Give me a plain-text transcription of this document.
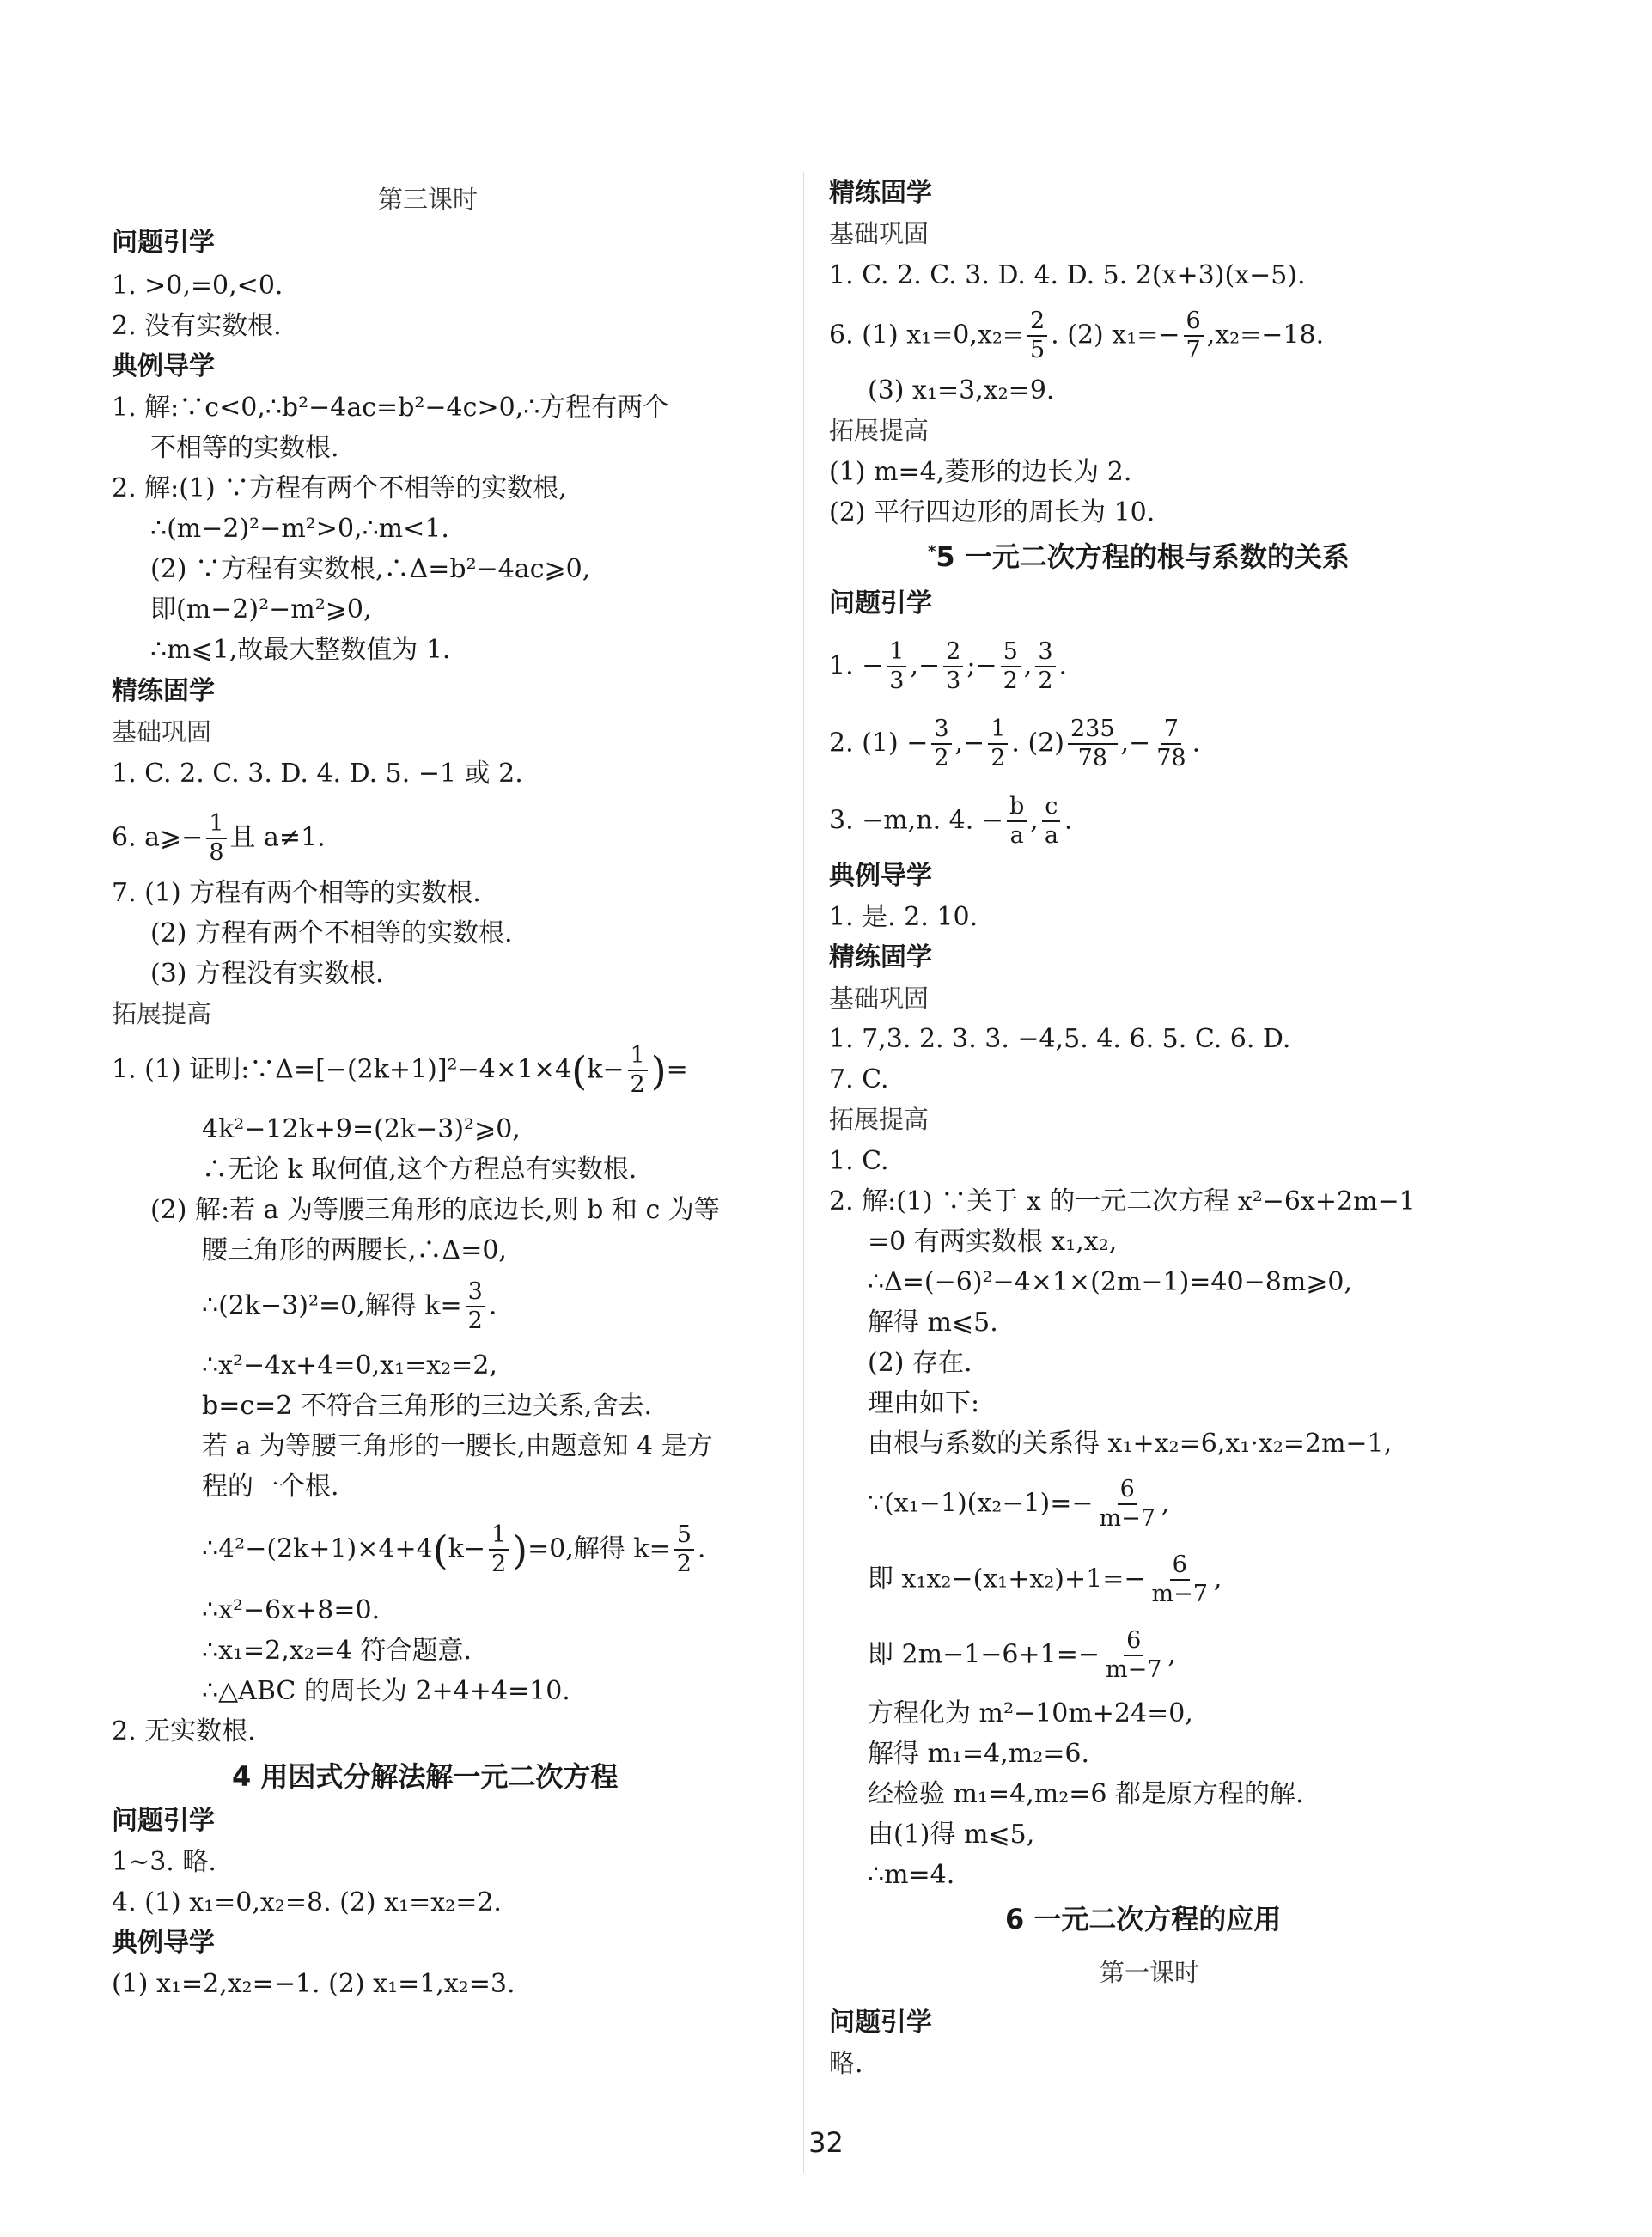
第三课时
问题引学
1. >0,=0,<0.
2. 没有实数根.
典例导学
1. 解:∵c<0,∴b²−4ac=b²−4c>0,∴方程有两个
不相等的实数根.
2. 解:(1) ∵方程有两个不相等的实数根,
∴(m−2)²−m²>0,∴m<1.
(2) ∵方程有实数根,∴Δ=b²−4ac⩾0,
即(m−2)²−m²⩾0,
∴m⩽1,故最大整数值为 1.
精练固学
基础巩固
1. C. 2. C. 3. D. 4. D. 5. −1 或 2.
6. a⩾− $\frac{1}{8}$ 且 a≠1.
7. (1) 方程有两个相等的实数根.
(2) 方程有两个不相等的实数根.
(3) 方程没有实数根.
拓展提高
1. (1) 证明:∵Δ=[−(2k+1)]²−4×1×4(k− $\frac{1}{2}$ )=
4k²−12k+9=(2k−3)²⩾0,
∴无论 k 取何值,这个方程总有实数根.
(2) 解:若 a 为等腰三角形的底边长,则 b 和 c 为等
腰三角形的两腰长,∴Δ=0,
∴(2k−3)²=0,解得 $k= \frac{3}{2}$ .
∴x²−4x+4=0,x₁=x₂=2,
b=c=2 不符合三角形的三边关系,舍去.
若 a 为等腰三角形的一腰长,由题意知 4 是方
程的一个根.
∴4²−(2k+1)×4+4(k− $\frac{1}{2} )=0$,解得 $k= \frac{5}{2}$ .
∴x²−6x+8=0.
∴x₁=2,x₂=4 符合题意.
∴△ABC 的周长为 2+4+4=10.
2. 无实数根.
4 用因式分解法解一元二次方程
问题引学
1~3. 略.
4. (1) x₁=0,x₂=8. (2) x₁=x₂=2.
典例导学
(1) x₁=2,x₂=−1. (2) x₁=1,x₂=3.
精练固学
基础巩固
1. C. 2. C. 3. D. 4. D. 5. 2(x+3)(x−5).
6. (1) $x_1=0,x_2= \frac{2}{5}$ . (2) $x_1=- \frac{6}{7} ,x_2=-18$.
(3) x₁=3,x₂=9.
拓展提高
(1) m=4,菱形的边长为 2.
(2) 平行四边形的周长为 10.
*5 一元二次方程的根与系数的关系
问题引学
1. − $\frac{1}{3}$ ,− $\frac{2}{3}$ ;− $\frac{5}{2}$ , $\frac{3}{2}$ .
2. $(1) - \frac{3}{2}$ ,− $\frac{1}{2}$ . $(2) \frac{235}{78}$ ,− $\frac{7}{78}$ .
3. −m,n. 4. − $\frac{b}{a}$ , $\frac{c}{a}$ .
典例导学
1. 是. 2. 10.
精练固学
基础巩固
1. 7,3. 2. 3. 3. −4,5. 4. 6. 5. C. 6. D.
7. C.
拓展提高
1. C.
2. 解:(1) ∵关于 x 的一元二次方程 x²−6x+2m−1
=0 有两实数根 x₁,x₂,
∴Δ=(−6)²−4×1×(2m−1)=40−8m⩾0,
解得 m⩽5.
(2) 存在.
理由如下:
由根与系数的关系得 x₁+x₂=6,x₁·x₂=2m−1,
∵(x₁−1)(x₂−1)=− $\frac{6}{m-7}$ ,
即 $x_1x_2-(x_1+x_2)+1=- \frac{6}{m-7}$ ,
即 $2m-1-6+1=- \frac{6}{m-7}$ ,
方程化为 m²−10m+24=0,
解得 m₁=4,m₂=6.
经检验 m₁=4,m₂=6 都是原方程的解.
由(1)得 m⩽5,
∴m=4.
6 一元二次方程的应用
第一课时
问题引学
略.
32
